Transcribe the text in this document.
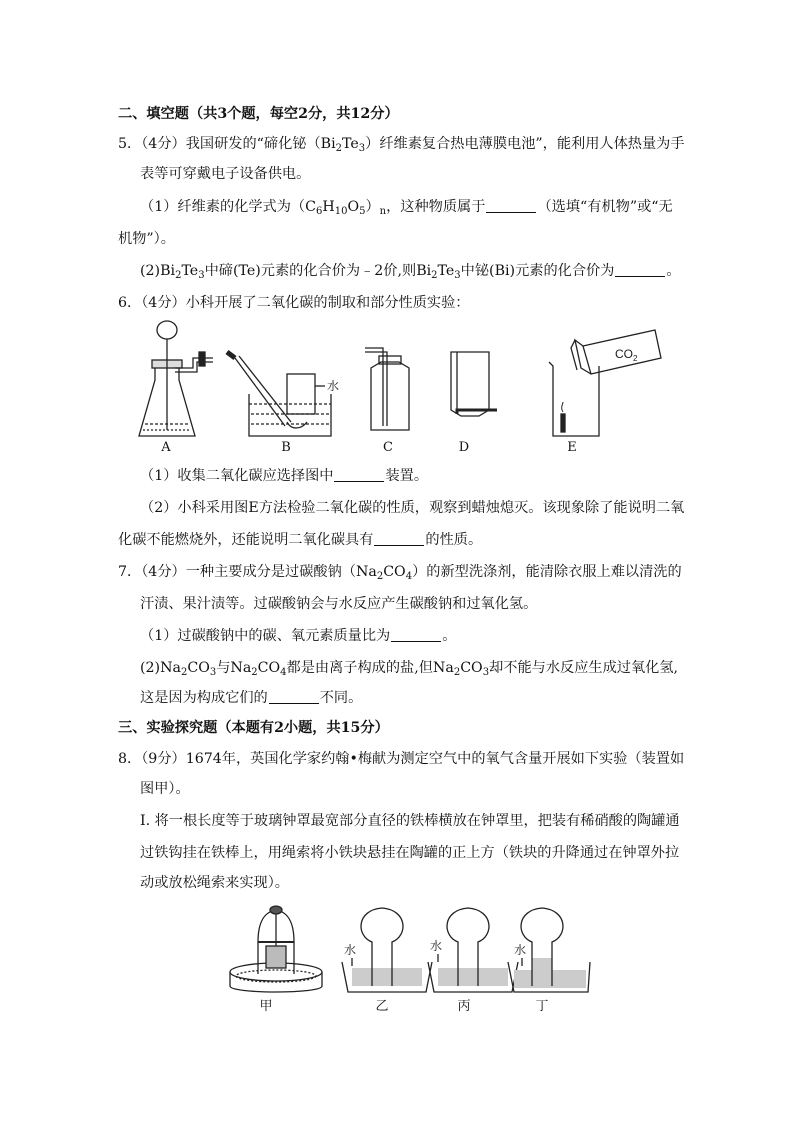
二、填空题（共3个题，每空2分，共12分）
5．（4分）我国研发的“碲化铋$(Bi_2Te_3)$纤维素复合热电薄膜电池”，能利用人体热量为手
表等可穿戴电子设备供电。
（1）纤维素的化学式为$(C_6H_{10}O_5)_n$，这种物质属于	（选填“有机物”或“无
机物”）。
$(2)Bi_2Te_3$中碲(Te)元素的化合价为﹣2价,则$Bi_2Te_3$中铋(Bi)元素的化合价为	。
6．（4分）小科开展了二氧化碳的制取和部分性质实验：
$CO_2$
水
A	B	C	D	E
（1）收集二氧化碳应选择图中	装置。
（2）小科采用图E方法检验二氧化碳的性质，观察到蜡烛熄灭。该现象除了能说明二氧
化碳不能燃烧外，还能说明二氧化碳具有	的性质。
7．（4分）一种主要成分是过碳酸钠$(Na_2CO_4)$的新型洗涤剂，能清除衣服上难以清洗的
汗渍、果汁渍等。过碳酸钠会与水反应产生碳酸钠和过氧化氢。
（1）过碳酸钠中的碳、氧元素质量比为	。
$(2)Na_2CO_3$与$Na_2CO_4$都是由离子构成的盐,但$Na_2CO_3$却不能与水反应生成过氧化氢,
这是因为构成它们的	不同。
三、实验探究题（本题有2小题，共15分）
8．（9分）1674年，英国化学家约翰•梅献为测定空气中的氧气含量开展如下实验（装置如
图甲）。
I. 将一根长度等于玻璃钟罩最宽部分直径的铁棒横放在钟罩里，把装有稀硝酸的陶罐通
过铁钩挂在铁棒上，用绳索将小铁块悬挂在陶罐的正上方（铁块的升降通过在钟罩外拉
动或放松绳索来实现）。
水	水	水
甲	乙	丙	丁
